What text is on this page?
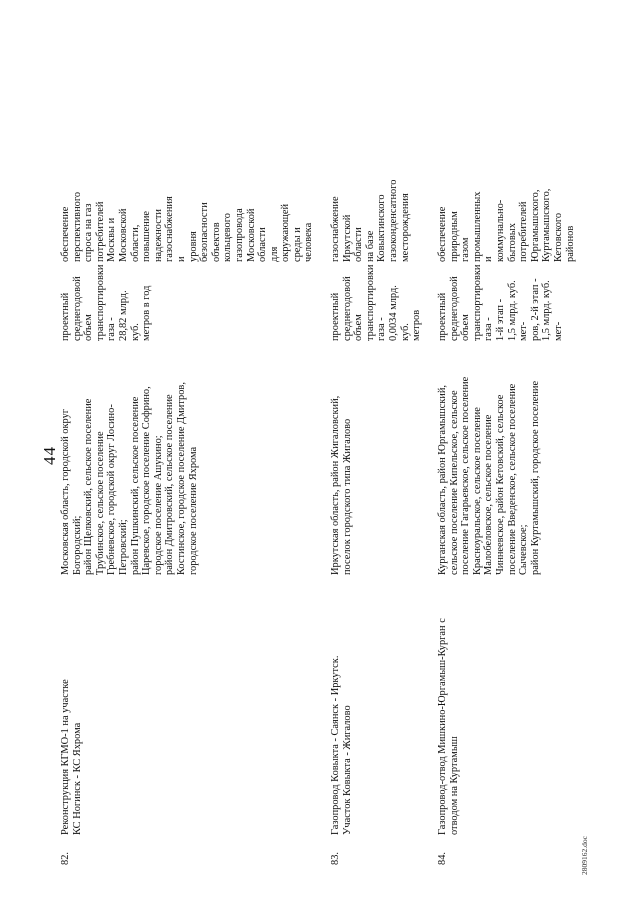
44
82.
Реконструкция КГМО-1 на участке
КС Ногинск - КС Яхрома
Московская область, городской округ
Богородский;
район Щелковский, сельское поселение
Трубинское, сельское поселение
Гребневское, городской округ Лосино-
Петровский;
район Пушкинский, сельское поселение
Царевское, городское поселение Софрино,
городское поселение Ашукино;
район Дмитровский, сельское поселение
Костинское, городское поселение Дмитров,
городское поселение Яхрома
проектный
среднегодовой
объем
транспортировки
газа -
28,82 млрд. куб.
метров в год
обеспечение
перспективного
спроса на газ
потребителей
Москвы и
Московской
области, повышение
надежности
газоснабжения и
уровня
безопасности
объектов
кольцевого
газопровода
Московской области
для окружающей
среды и человека
83.
Газопровод Ковыкта - Саянск - Иркутск.
Участок Ковыкта - Жигалово
Иркутская область, район Жигаловский,
поселок городского типа Жигалово
проектный
среднегодовой
объем
транспортировки
газа -
0,0034 млрд. куб.
метров
газоснабжение
Иркутской области
на базе
Ковыктинского
газоконденсатного
месторождения
84.
Газопровод-отвод Мишкино-Юргамыш-Курган с
отводом на Куртамыш
Курганская область, район Юргамышский,
сельское поселение Кипельское, сельское
поселение Гагарьевское, сельское поселение
Красноуральское, сельское поселение
Малобеловское, сельское поселение
Чиннеевское, район Кетовский, сельское
поселение Введенское, сельское поселение
Сычевское;
район Куртамышский, городское поселение
проектный
среднегодовой
объем
транспортировки
газа -
1-й этап -
1,5 млрд. куб. мет-
ров, 2-й этап -
1,5 млрд. куб. мет-
обеспечение
природным газом
промышленных и
коммунально-
бытовых
потребителей
Юргамышского,
Куртамышского,
Кетовского районов
2809162.doc
